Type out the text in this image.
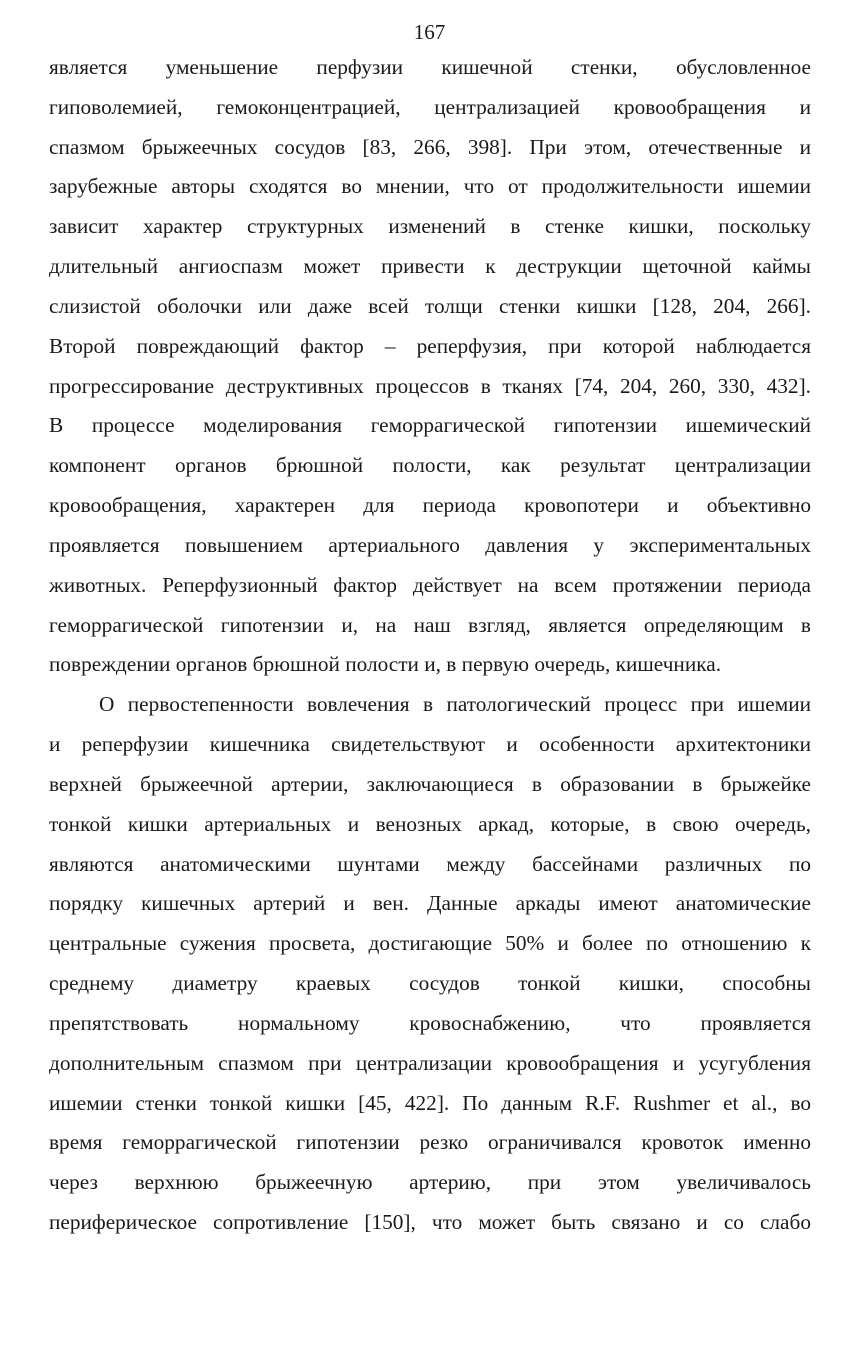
167
является уменьшение перфузии кишечной стенки, обусловленное
гиповолемией, гемоконцентрацией, централизацией кровообращения и
спазмом брыжеечных сосудов [83, 266, 398]. При этом, отечественные и
зарубежные авторы сходятся во мнении, что от продолжительности ишемии
зависит характер структурных изменений в стенке кишки, поскольку
длительный ангиоспазм может привести к деструкции щеточной каймы
слизистой оболочки или даже всей толщи стенки кишки [128, 204, 266].
Второй повреждающий фактор – реперфузия, при которой наблюдается
прогрессирование деструктивных процессов в тканях [74, 204, 260, 330, 432].
В процессе моделирования геморрагической гипотензии ишемический
компонент органов брюшной полости, как результат централизации
кровообращения, характерен для периода кровопотери и объективно
проявляется повышением артериального давления у экспериментальных
животных. Реперфузионный фактор действует на всем протяжении периода
геморрагической гипотензии и, на наш взгляд, является определяющим в
повреждении органов брюшной полости и, в первую очередь, кишечника.
О первостепенности вовлечения в патологический процесс при ишемии
и реперфузии кишечника свидетельствуют и особенности архитектоники
верхней брыжеечной артерии, заключающиеся в образовании в брыжейке
тонкой кишки артериальных и венозных аркад, которые, в свою очередь,
являются анатомическими шунтами между бассейнами различных по
порядку кишечных артерий и вен. Данные аркады имеют анатомические
центральные сужения просвета, достигающие 50% и более по отношению к
среднему диаметру краевых сосудов тонкой кишки, способны
препятствовать нормальному кровоснабжению, что проявляется
дополнительным спазмом при централизации кровообращения и усугубления
ишемии стенки тонкой кишки [45, 422]. По данным R.F. Rushmer et al., во
время геморрагической гипотензии резко ограничивался кровоток именно
через верхнюю брыжеечную артерию, при этом увеличивалось
периферическое сопротивление [150], что может быть связано и со слабо
